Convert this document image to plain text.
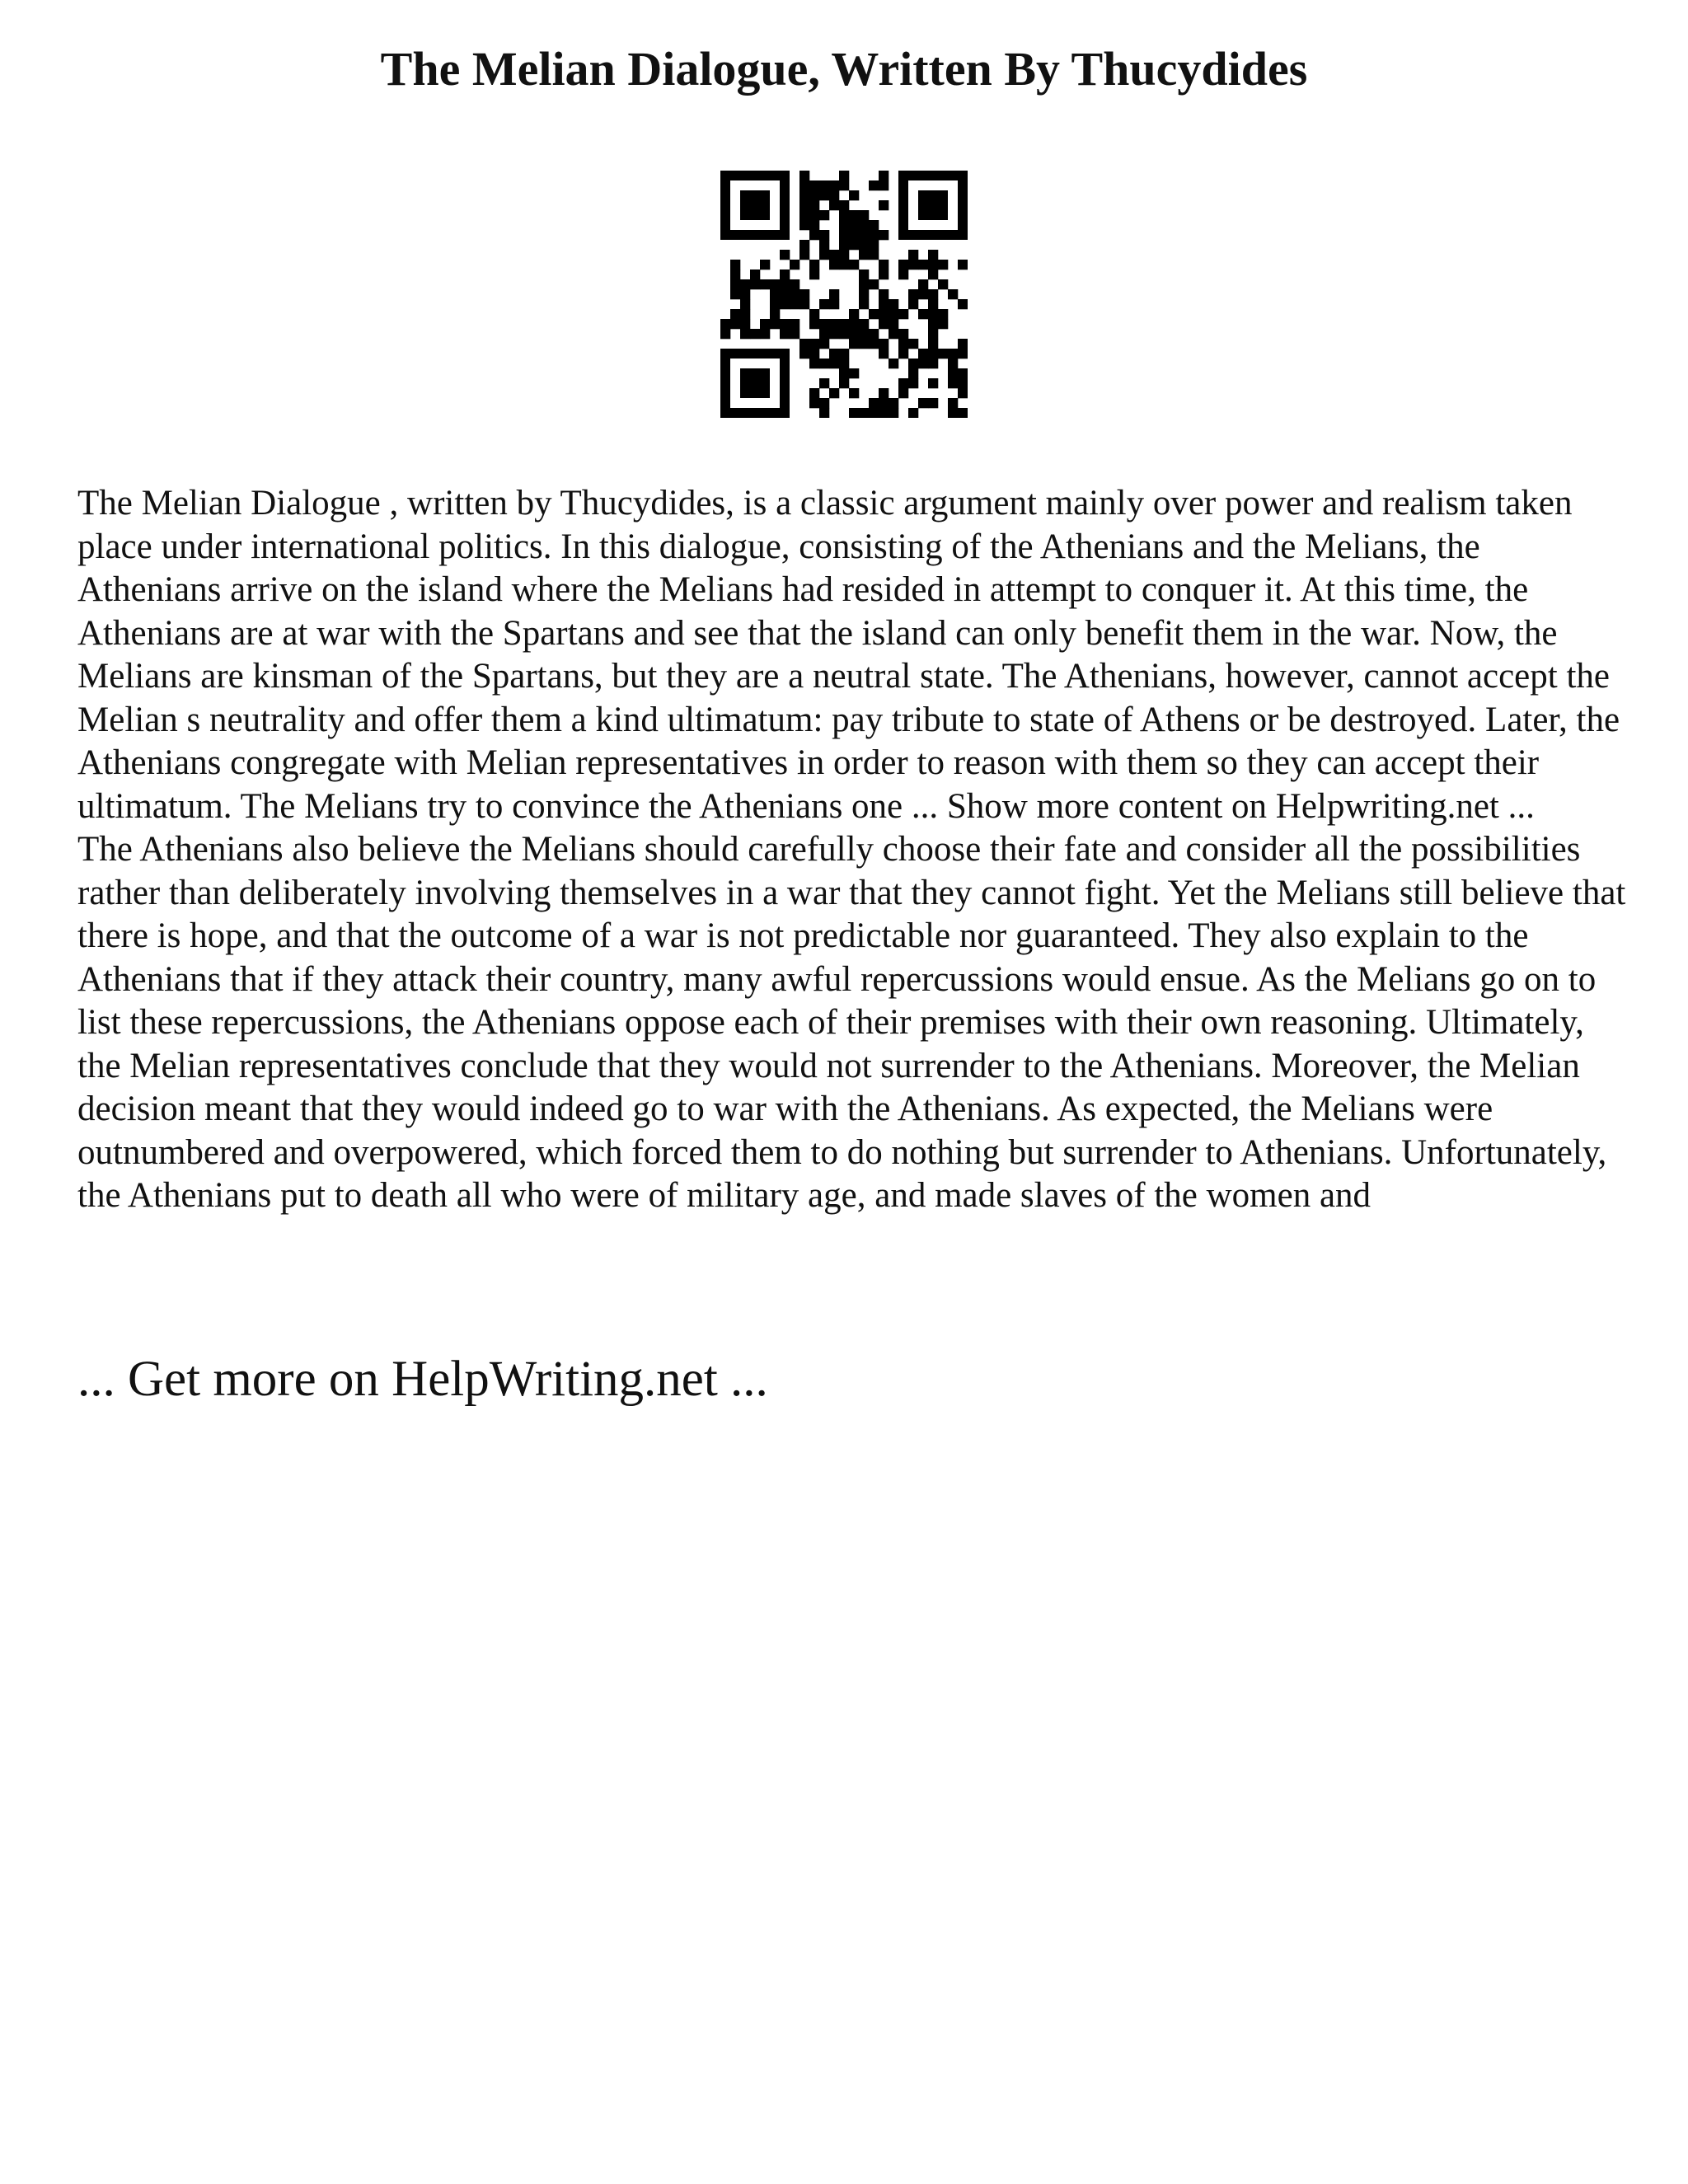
The Melian Dialogue, Written By Thucydides

The Melian Dialogue , written by Thucydides, is a classic argument mainly over power and realism taken place under international politics. In this dialogue, consisting of the Athenians and the Melians, the Athenians arrive on the island where the Melians had resided in attempt to conquer it. At this time, the Athenians are at war with the Spartans and see that the island can only benefit them in the war. Now, the Melians are kinsman of the Spartans, but they are a neutral state. The Athenians, however, cannot accept the Melian s neutrality and offer them a kind ultimatum: pay tribute to state of Athens or be destroyed. Later, the Athenians congregate with Melian representatives in order to reason with them so they can accept their ultimatum. The Melians try to convince the Athenians one ... Show more content on Helpwriting.net ...

The Athenians also believe the Melians should carefully choose their fate and consider all the possibilities rather than deliberately involving themselves in a war that they cannot fight. Yet the Melians still believe that there is hope, and that the outcome of a war is not predictable nor guaranteed. They also explain to the Athenians that if they attack their country, many awful repercussions would ensue. As the Melians go on to list these repercussions, the Athenians oppose each of their premises with their own reasoning. Ultimately, the Melian representatives conclude that they would not surrender to the Athenians. Moreover, the Melian decision meant that they would indeed go to war with the Athenians. As expected, the Melians were outnumbered and overpowered, which forced them to do nothing but surrender to Athenians. Unfortunately, the Athenians put to death all who were of military age, and made slaves of the women and

... Get more on HelpWriting.net ...
